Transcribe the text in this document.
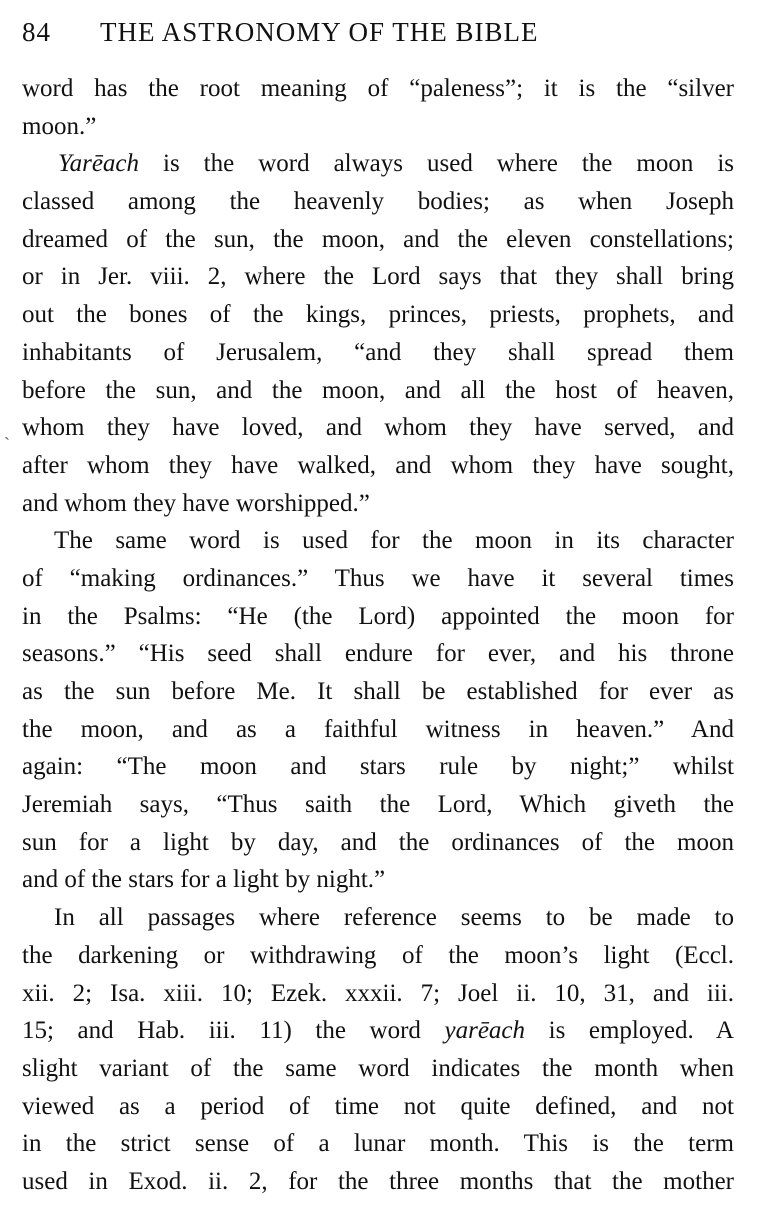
84 THE ASTRONOMY OF THE BIBLE
ˎ
word has the root meaning of “paleness”; it is the “silver
moon.”
Yarēach is the word always used where the moon is
classed among the heavenly bodies; as when Joseph
dreamed of the sun, the moon, and the eleven constellations;
or in Jer. viii. 2, where the Lord says that they shall bring
out the bones of the kings, princes, priests, prophets, and
inhabitants of Jerusalem, “and they shall spread them
before the sun, and the moon, and all the host of heaven,
whom they have loved, and whom they have served, and
after whom they have walked, and whom they have sought,
and whom they have worshipped.”
The same word is used for the moon in its character
of “making ordinances.” Thus we have it several times
in the Psalms: “He (the Lord) appointed the moon for
seasons.” “His seed shall endure for ever, and his throne
as the sun before Me. It shall be established for ever as
the moon, and as a faithful witness in heaven.” And
again: “The moon and stars rule by night;” whilst
Jeremiah says, “Thus saith the Lord, Which giveth the
sun for a light by day, and the ordinances of the moon
and of the stars for a light by night.”
In all passages where reference seems to be made to
the darkening or withdrawing of the moon’s light (Eccl.
xii. 2; Isa. xiii. 10; Ezek. xxxii. 7; Joel ii. 10, 31, and iii.
15; and Hab. iii. 11) the word yarēach is employed. A
slight variant of the same word indicates the month when
viewed as a period of time not quite defined, and not
in the strict sense of a lunar month. This is the term
used in Exod. ii. 2, for the three months that the mother
